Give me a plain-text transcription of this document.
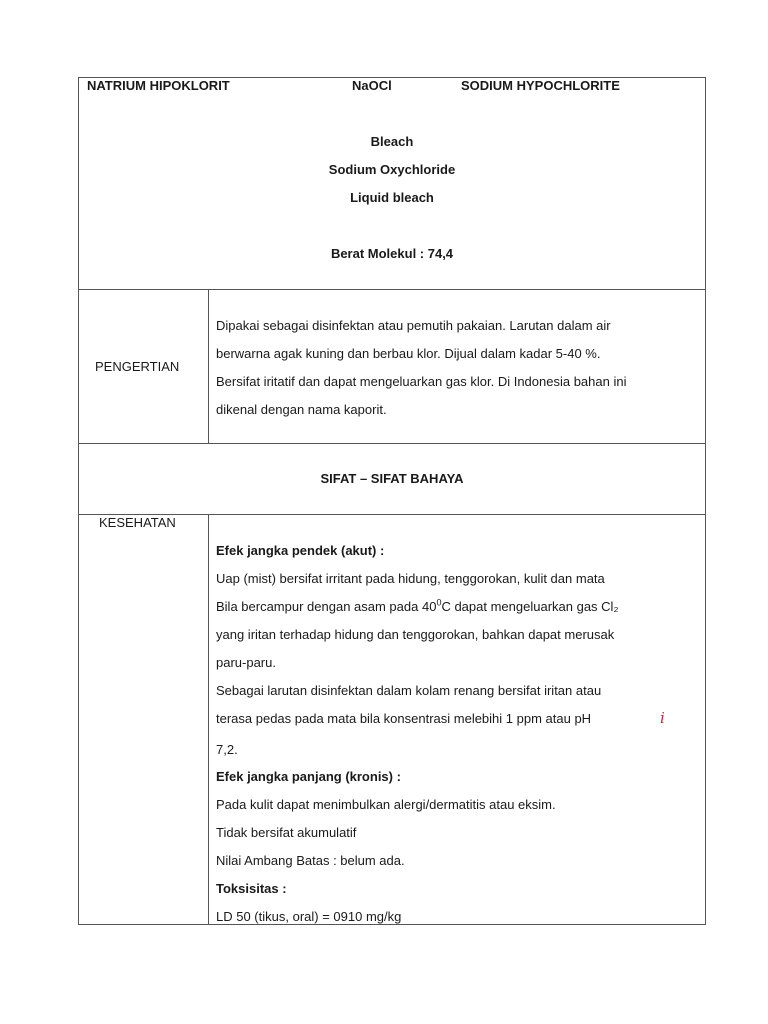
NATRIUM HIPOKLORIT	NaOCl	SODIUM HYPOCHLORITE
Bleach
Sodium Oxychloride
Liquid bleach
Berat Molekul : 74,4
PENGERTIAN
Dipakai sebagai disinfektan atau pemutih pakaian. Larutan dalam air
berwarna agak kuning dan berbau klor. Dijual dalam kadar 5-40 %.
Bersifat iritatif dan dapat mengeluarkan gas klor. Di Indonesia bahan ini
dikenal dengan nama kaporit.
SIFAT – SIFAT BAHAYA
KESEHATAN
Efek jangka pendek (akut) :
Uap (mist) bersifat irritant pada hidung, tenggorokan, kulit dan mata
Bila bercampur dengan asam pada $40^0C$ dapat mengeluarkan gas Cl₂
yang iritan terhadap hidung dan tenggorokan, bahkan dapat merusak
paru-paru.
Sebagai larutan disinfektan dalam kolam renang bersifat iritan atau
terasa pedas pada mata bila konsentrasi melebihi 1 ppm atau pH
7,2.
Efek jangka panjang (kronis) :
Pada kulit dapat menimbulkan alergi/dermatitis atau eksim.
Tidak bersifat akumulatif
Nilai Ambang Batas : belum ada.
Toksisitas :
LD 50 (tikus, oral) = 0910 mg/kg
i
